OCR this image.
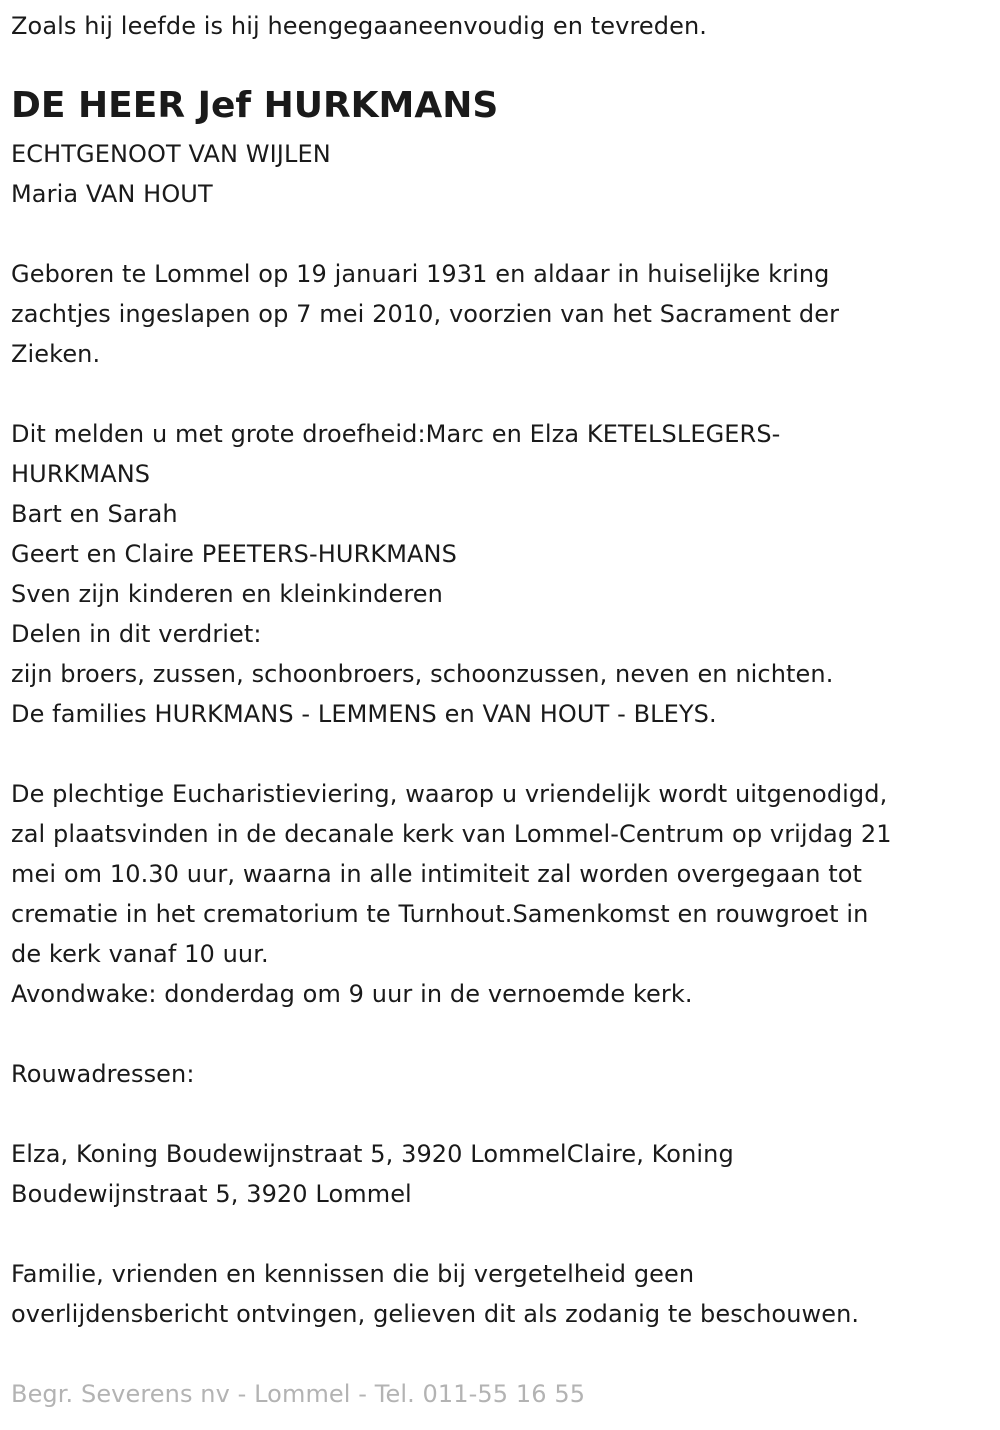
Zoals hij leefde is hij heengegaaneenvoudig en tevreden.
DE HEER Jef HURKMANS
ECHTGENOOT VAN WIJLEN
Maria VAN HOUT
Geboren te Lommel op 19 januari 1931 en aldaar in huiselijke kring
zachtjes ingeslapen op 7 mei 2010, voorzien van het Sacrament der
Zieken.
Dit melden u met grote droefheid:Marc en Elza KETELSLEGERS-
HURKMANS
Bart en Sarah
Geert en Claire PEETERS-HURKMANS
Sven zijn kinderen en kleinkinderen
Delen in dit verdriet:
zijn broers, zussen, schoonbroers, schoonzussen, neven en nichten.
De families HURKMANS - LEMMENS en VAN HOUT - BLEYS.
De plechtige Eucharistieviering, waarop u vriendelijk wordt uitgenodigd,
zal plaatsvinden in de decanale kerk van Lommel-Centrum op vrijdag 21
mei om 10.30 uur, waarna in alle intimiteit zal worden overgegaan tot
crematie in het crematorium te Turnhout.Samenkomst en rouwgroet in
de kerk vanaf 10 uur.
Avondwake: donderdag om 9 uur in de vernoemde kerk.
Rouwadressen:
Elza, Koning Boudewijnstraat 5, 3920 LommelClaire, Koning
Boudewijnstraat 5, 3920 Lommel
Familie, vrienden en kennissen die bij vergetelheid geen
overlijdensbericht ontvingen, gelieven dit als zodanig te beschouwen.
Begr. Severens nv - Lommel - Tel. 011-55 16 55
